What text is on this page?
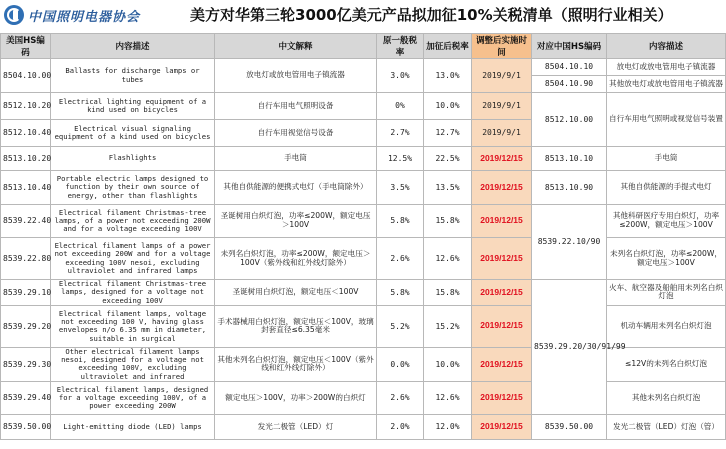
中国照明电器协会	美方对华第三轮3000亿美元产品拟加征10%关税清单（照明行业相关）
美国HS编码	内容描述	中文解释	原一般税率	加征后税率	调整后实施时间	对应中国HS编码	内容描述
8504.10.00	Ballasts for discharge lamps or tubes	放电灯或放电管用电子镇流器	3.0%	13.0%	2019/9/1	8504.10.10	放电灯或放电管用电子镇流器
						8504.10.90	其他放电灯或放电管用电子镇流器
8512.10.20	Electrical lighting equipment of a kind used on bicycles	自行车用电气照明设备	0%	10.0%	2019/9/1	8512.10.00	自行车用电气照明或视觉信号装置
8512.10.40	Electrical visual signaling equipment of a kind used on bicycles	自行车用视觉信号设备	2.7%	12.7%	2019/9/1		
8513.10.20	Flashlights	手电筒	12.5%	22.5%	2019/12/15	8513.10.10	手电筒
8513.10.40	Portable electric lamps designed to function by their own source of energy, other than flashlights	其他自供能源的便携式电灯（手电筒除外）	3.5%	13.5%	2019/12/15	8513.10.90	其他自供能源的手提式电灯
8539.22.40	Electrical filament Christmas-tree lamps, of a power not exceeding 200W and for a voltage exceeding 100V	圣诞树用白炽灯泡，功率≤200W，额定电压＞100V	5.8%	15.8%	2019/12/15	8539.22.10/90	其他科研医疗专用白炽灯，功率≤200W，额定电压＞100V
8539.22.80	Electrical filament lamps of a power not exceeding 200W and for a voltage exceeding 100V nesoi, excluding ultraviolet and infrared lamps	未列名白炽灯泡，功率≤200W，额定电压＞100V（紫外线和红外线灯除外）	2.6%	12.6%	2019/12/15		未列名白炽灯泡，功率≤200W，额定电压＞100V
8539.29.10	Electrical filament Christmas-tree lamps, designed for a voltage not exceeding 100V	圣诞树用白炽灯泡，额定电压＜100V	5.8%	15.8%	2019/12/15	8539.29.20/30/91/99	火车、航空器及船舶用未列名白炽灯泡
8539.29.20	Electrical filament lamps, voltage not exceeding 100 V, having glass envelopes n/o 6.35 mm in diameter, suitable in surgical	手术器械用白炽灯泡，额定电压＜100V，玻璃封套直径≤6.35毫米	5.2%	15.2%	2019/12/15		机动车辆用未列名白炽灯泡
8539.29.30	Other electrical filament lamps nesoi, designed for a voltage not exceeding 100V, excluding ultraviolet and infrared	其他未列名白炽灯泡，额定电压＜100V（紫外线和红外线灯除外）	0.0%	10.0%	2019/12/15		≤12V的未列名白炽灯泡
8539.29.40	Electrical filament lamps, designed for a voltage exceeding 100V, of a power exceeding 200W	额定电压＞100V，功率＞200W的白炽灯	2.6%	12.6%	2019/12/15		其他未列名白炽灯泡
8539.50.00	Light-emitting diode (LED) lamps	发光二极管（LED）灯	2.0%	12.0%	2019/12/15	8539.50.00	发光二极管（LED）灯泡（管）
